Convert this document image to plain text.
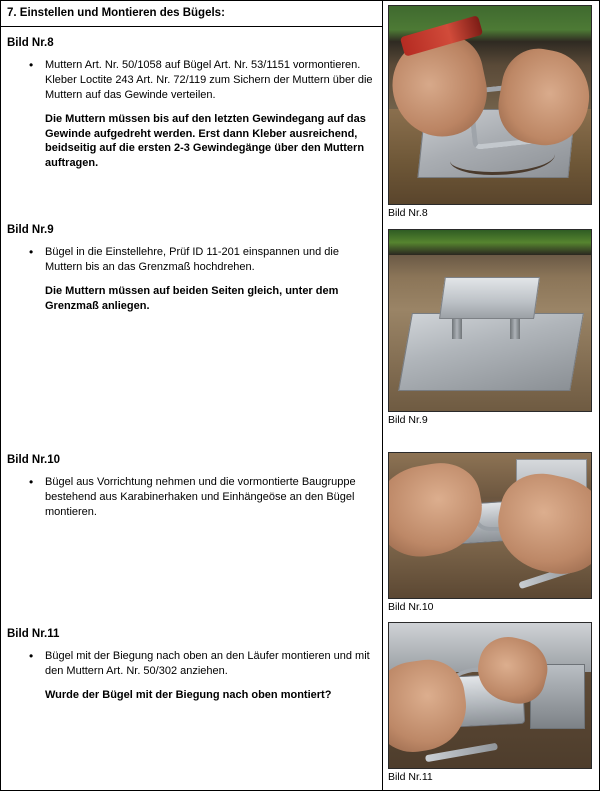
7. Einstellen und Montieren des Bügels:
Bild Nr.8
• Muttern Art. Nr. 50/1058 auf Bügel Art. Nr. 53/1151 vormontieren. Kleber Loctite 243 Art. Nr. 72/119 zum Sichern der Muttern über die Muttern auf das Gewinde verteilen.
Die Muttern müssen bis auf den letzten Gewindegang auf das Gewinde aufgedreht werden. Erst dann Kleber ausreichend, beidseitig auf die ersten 2-3 Gewindegänge über den Muttern auftragen.
Bild Nr.9
• Bügel in die Einstellehre, Prüf ID 11-201 einspannen und die Muttern bis an das Grenzmaß hochdrehen.
Die Muttern müssen auf beiden Seiten gleich, unter dem Grenzmaß anliegen.
Bild Nr.10
• Bügel aus Vorrichtung nehmen und die vormontierte Baugruppe bestehend aus Karabinerhaken und Einhängeöse an den Bügel montieren.
Bild Nr.11
• Bügel mit der Biegung nach oben an den Läufer montieren und mit den Muttern Art. Nr. 50/302 anziehen.
Wurde der Bügel mit der Biegung nach oben montiert?

Bild Nr.8
Bild Nr.9
Bild Nr.10
Bild Nr.11
